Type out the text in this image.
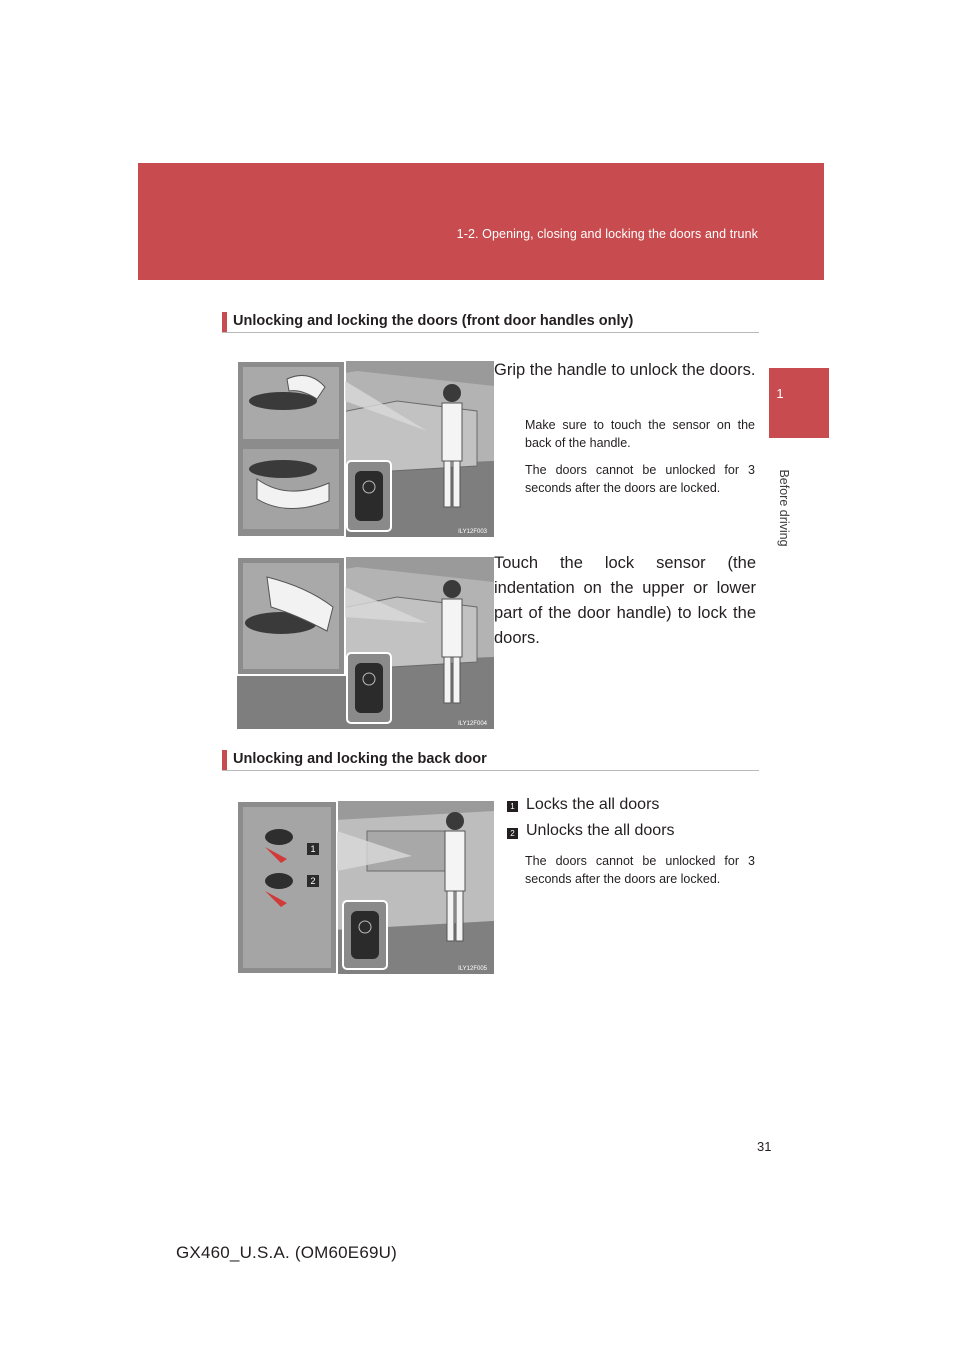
1-2. Opening, closing and locking the doors and trunk
1
Before driving
Unlocking and locking the doors (front door handles only)
ILY12F003
Grip the handle to unlock the doors.
Make sure to touch the sensor on the back of the handle.
The doors cannot be unlocked for 3 seconds after the doors are locked.
ILY12F004
Touch the lock sensor (the indentation on the upper or lower part of the door handle) to lock the doors.
Unlocking and locking the back door
1
2
ILY12F005
1 Locks the all doors
2 Unlocks the all doors
The doors cannot be unlocked for 3 seconds after the doors are locked.
31
GX460_U.S.A. (OM60E69U)
